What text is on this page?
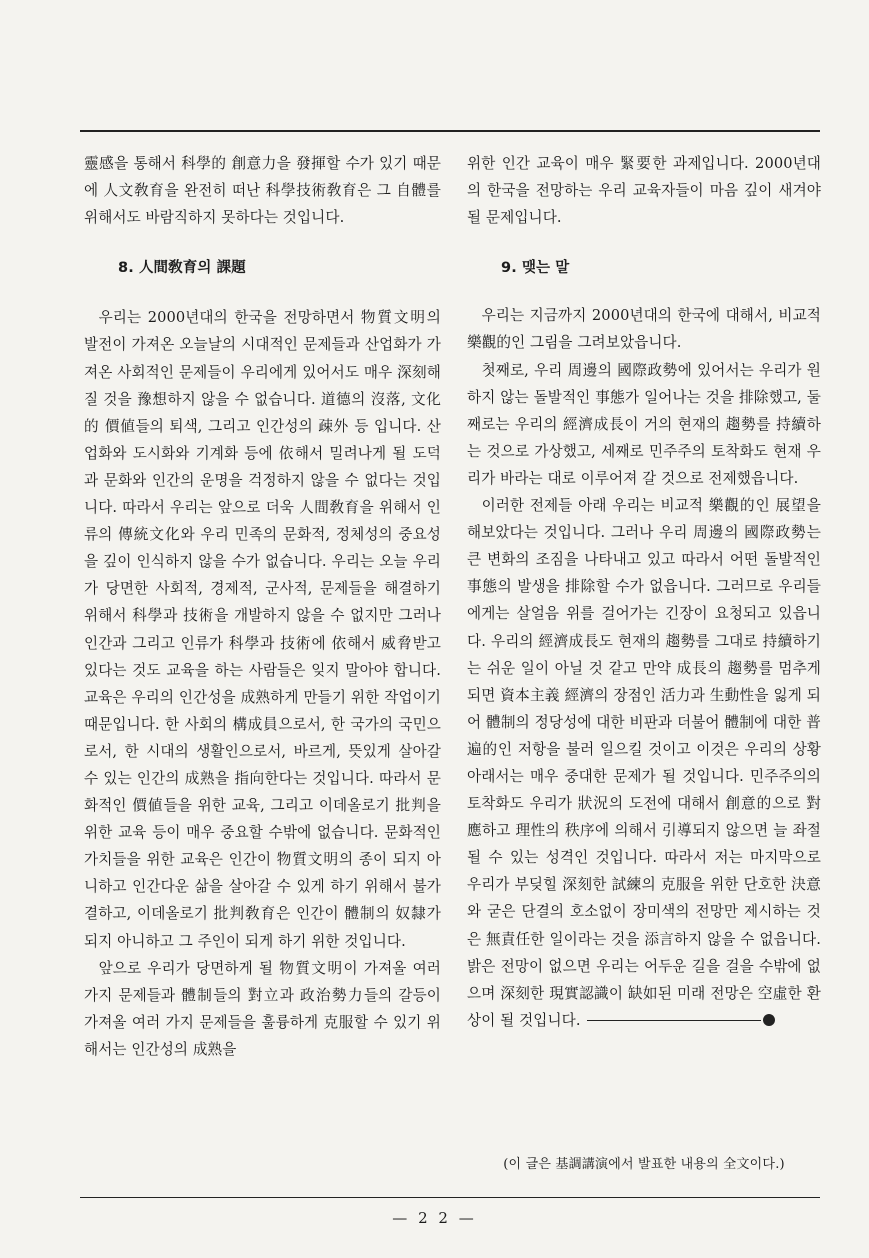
靈感을 통해서 科學的 創意力을 發揮할 수가 있기 때문에 人文敎育을 완전히 떠난 科學技術敎育은 그 自體를 위해서도 바람직하지 못하다는 것입니다.

8. 人間敎育의 課題

우리는 2000년대의 한국을 전망하면서 物質文明의 발전이 가져온 오늘날의 시대적인 문제들과 산업화가 가져온 사회적인 문제들이 우리에게 있어서도 매우 深刻해질 것을 豫想하지 않을 수 없습니다. 道德의 沒落, 文化的 價値들의 퇴색, 그리고 인간성의 疎外 등 입니다. 산업화와 도시화와 기계화 등에 依해서 밀려나게 될 도덕과 문화와 인간의 운명을 걱정하지 않을 수 없다는 것입니다. 따라서 우리는 앞으로 더욱 人間敎育을 위해서 인류의 傳統文化와 우리 민족의 문화적, 정체성의 중요성을 깊이 인식하지 않을 수가 없습니다. 우리는 오늘 우리가 당면한 사회적, 경제적, 군사적, 문제들을 해결하기 위해서 科學과 技術을 개발하지 않을 수 없지만 그러나 인간과 그리고 인류가 科學과 技術에 依해서 威脅받고 있다는 것도 교육을 하는 사람들은 잊지 말아야 합니다. 교육은 우리의 인간성을 成熟하게 만들기 위한 작업이기 때문입니다. 한 사회의 構成員으로서, 한 국가의 국민으로서, 한 시대의 생활인으로서, 바르게, 뜻있게 살아갈 수 있는 인간의 成熟을 指向한다는 것입니다. 따라서 문화적인 價値들을 위한 교육, 그리고 이데올로기 批判을 위한 교육 등이 매우 중요할 수밖에 없습니다. 문화적인 가치들을 위한 교육은 인간이 物質文明의 종이 되지 아니하고 인간다운 삶을 살아갈 수 있게 하기 위해서 불가결하고, 이데올로기 批判敎育은 인간이 體制의 奴隸가 되지 아니하고 그 주인이 되게 하기 위한 것입니다.

앞으로 우리가 당면하게 될 物質文明이 가져올 여러 가지 문제들과 體制들의 對立과 政治勢力들의 갈등이 가져올 여러 가지 문제들을 훌륭하게 克服할 수 있기 위해서는 인간성의 成熟을

위한 인간 교육이 매우 緊要한 과제입니다. 2000년대의 한국을 전망하는 우리 교육자들이 마음 깊이 새겨야 될 문제입니다.

9. 맺는 말

우리는 지금까지 2000년대의 한국에 대해서, 비교적 樂觀的인 그림을 그려보았읍니다.

첫째로, 우리 周邊의 國際政勢에 있어서는 우리가 원하지 않는 돌발적인 事態가 일어나는 것을 排除했고, 둘째로는 우리의 經濟成長이 거의 현재의 趨勢를 持續하는 것으로 가상했고, 세째로 민주주의 토착화도 현재 우리가 바라는 대로 이루어져 갈 것으로 전제했읍니다.

이러한 전제들 아래 우리는 비교적 樂觀的인 展望을 해보았다는 것입니다. 그러나 우리 周邊의 國際政勢는 큰 변화의 조짐을 나타내고 있고 따라서 어떤 돌발적인 事態의 발생을 排除할 수가 없읍니다. 그러므로 우리들에게는 살얼음 위를 걸어가는 긴장이 요청되고 있읍니다. 우리의 經濟成長도 현재의 趨勢를 그대로 持續하기는 쉬운 일이 아닐 것 같고 만약 成長의 趨勢를 멈추게 되면 資本主義 經濟의 장점인 活力과 生動性을 잃게 되어 體制의 정당성에 대한 비판과 더불어 體制에 대한 普遍的인 저항을 불러 일으킬 것이고 이것은 우리의 상황 아래서는 매우 중대한 문제가 될 것입니다. 민주주의의 토착화도 우리가 狀況의 도전에 대해서 創意的으로 對應하고 理性의 秩序에 의해서 引導되지 않으면 늘 좌절될 수 있는 성격인 것입니다. 따라서 저는 마지막으로 우리가 부딪힐 深刻한 試練의 克服을 위한 단호한 決意와 굳은 단결의 호소없이 장미색의 전망만 제시하는 것은 無責任한 일이라는 것을 添言하지 않을 수 없읍니다. 밝은 전망이 없으면 우리는 어두운 길을 걸을 수밖에 없으며 深刻한 現實認識이 缺如된 미래 전망은 空虛한 환상이 될 것입니다.

(이 글은 基調講演에서 발표한 내용의 全文이다.)
— 2 2 —
